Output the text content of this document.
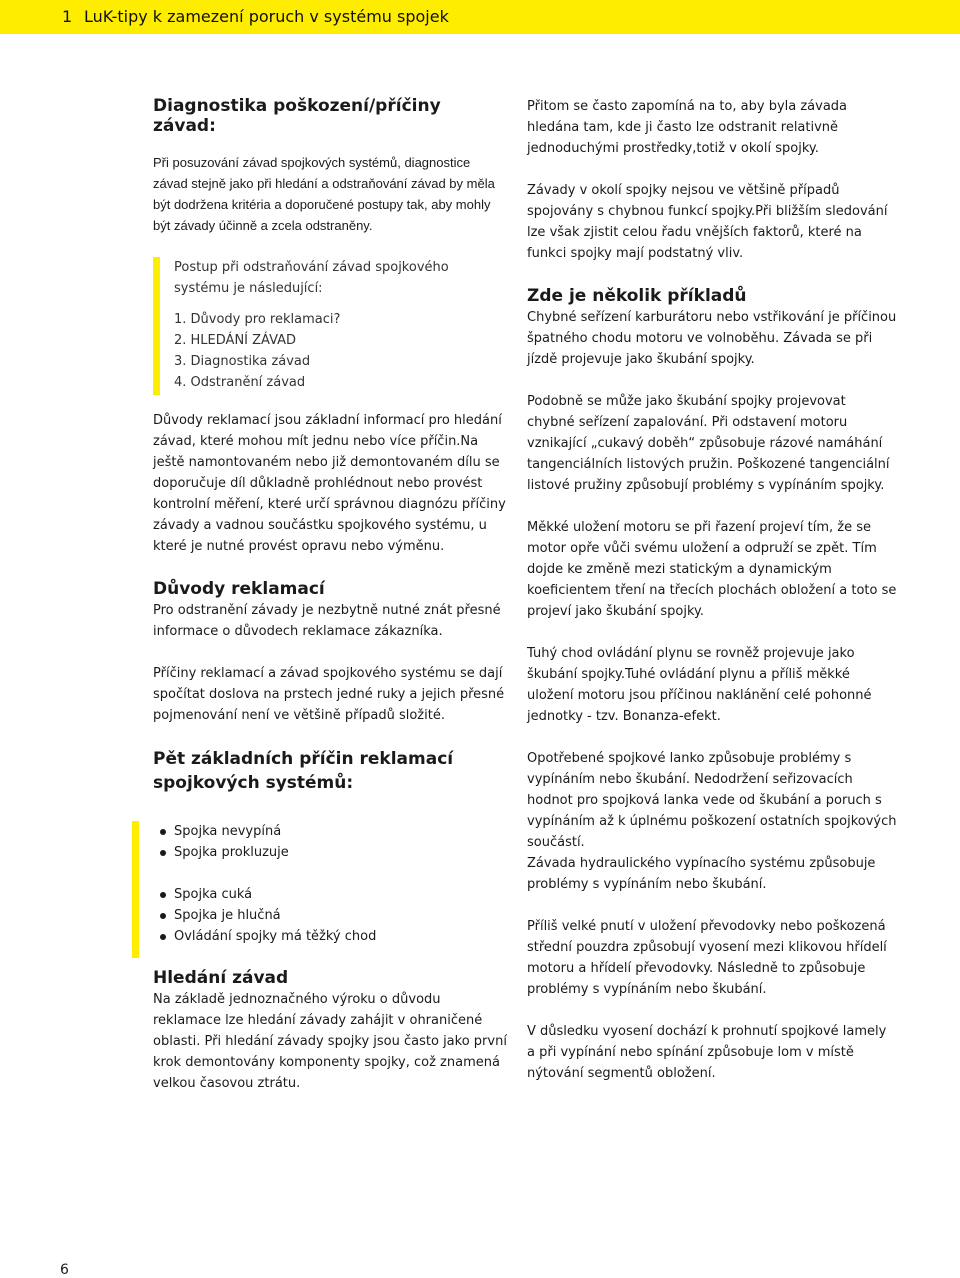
1 LuK-tipy k zamezení poruch v systému spojek
Diagnostika poškození/příčiny závad:

Při posuzování závad spojkových systémů, diagnostice závad stejně jako při hledání a odstraňování závad by měla být dodržena kritéria a doporučené postupy tak, aby mohly být závady účinně a zcela odstraněny.

Postup při odstraňování závad spojkového systému je následující:

1. Důvody pro reklamaci?
2. HLEDÁNÍ ZÁVAD
3. Diagnostika závad
4. Odstranění závad

Důvody reklamací jsou základní informací pro hledání závad, které mohou mít jednu nebo více příčin.Na ještě namontovaném nebo již demontovaném dílu se doporučuje díl důkladně prohlédnout nebo provést kontrolní měření, které určí správnou diagnózu příčiny závady a vadnou součástku spojkového systému, u které je nutné provést opravu nebo výměnu.

Důvody reklamací

Pro odstranění závady je nezbytně nutné znát přesné informace o důvodech reklamace zákazníka.

Příčiny reklamací a závad spojkového systému se dají spočítat doslova na prstech jedné ruky a jejich přesné pojmenování není ve většině případů složité.

Pět základních příčin reklamací spojkových systémů:
Spojka nevypíná
Spojka prokluzuje
Spojka cuká
Spojka je hlučná
Ovládání spojky má těžký chod
Hledání závad

Na základě jednoznačného výroku o důvodu reklamace lze hledání závady zahájit v ohraničené oblasti. Při hledání závady spojky jsou často jako první krok demontovány komponenty spojky, což znamená velkou časovou ztrátu.

Přitom se často zapomíná na to, aby byla závada hledána tam, kde ji často lze odstranit relativně jednoduchými prostředky,totiž v okolí spojky.

Závady v okolí spojky nejsou ve většině případů spojovány s chybnou funkcí spojky.Při bližším sledování lze však zjistit celou řadu vnějších faktorů, které na funkci spojky mají podstatný vliv.

Zde je několik příkladů

Chybné seřízení karburátoru nebo vstřikování je příčinou špatného chodu motoru ve volnoběhu. Závada se při jízdě projevuje jako škubání spojky.

Podobně se může jako škubání spojky projevovat chybné seřízení zapalování. Při odstavení motoru vznikající „cukavý doběh“ způsobuje rázové namáhání tangenciálních listových pružin. Poškozené tangenciální listové pružiny způsobují problémy s vypínáním spojky.

Měkké uložení motoru se při řazení projeví tím, že se motor opře vůči svému uložení a odpruží se zpět. Tím dojde ke změně mezi statickým a dynamickým koeficientem tření na třecích plochách obložení a toto se projeví jako škubání spojky.

Tuhý chod ovládání plynu se rovněž projevuje jako škubání spojky.Tuhé ovládání plynu a příliš měkké uložení motoru jsou příčinou naklánění celé pohonné jednotky - tzv. Bonanza-efekt.

Opotřebené spojkové lanko způsobuje problémy s vypínáním nebo škubání. Nedodržení seřizovacích hodnot pro spojková lanka vede od škubání a poruch s vypínáním až k úplnému poškození ostatních spojkových součástí.

Závada hydraulického vypínacího systému způsobuje problémy s vypínáním nebo škubání.

Příliš velké pnutí v uložení převodovky nebo poškozená střední pouzdra způsobují vyosení mezi klikovou hřídelí motoru a hřídelí převodovky. Následně to způsobuje problémy s vypínáním nebo škubání.

V důsledku vyosení dochází k prohnutí spojkové lamely a při vypínání nebo spínání způsobuje lom v místě nýtování segmentů obložení.

6
